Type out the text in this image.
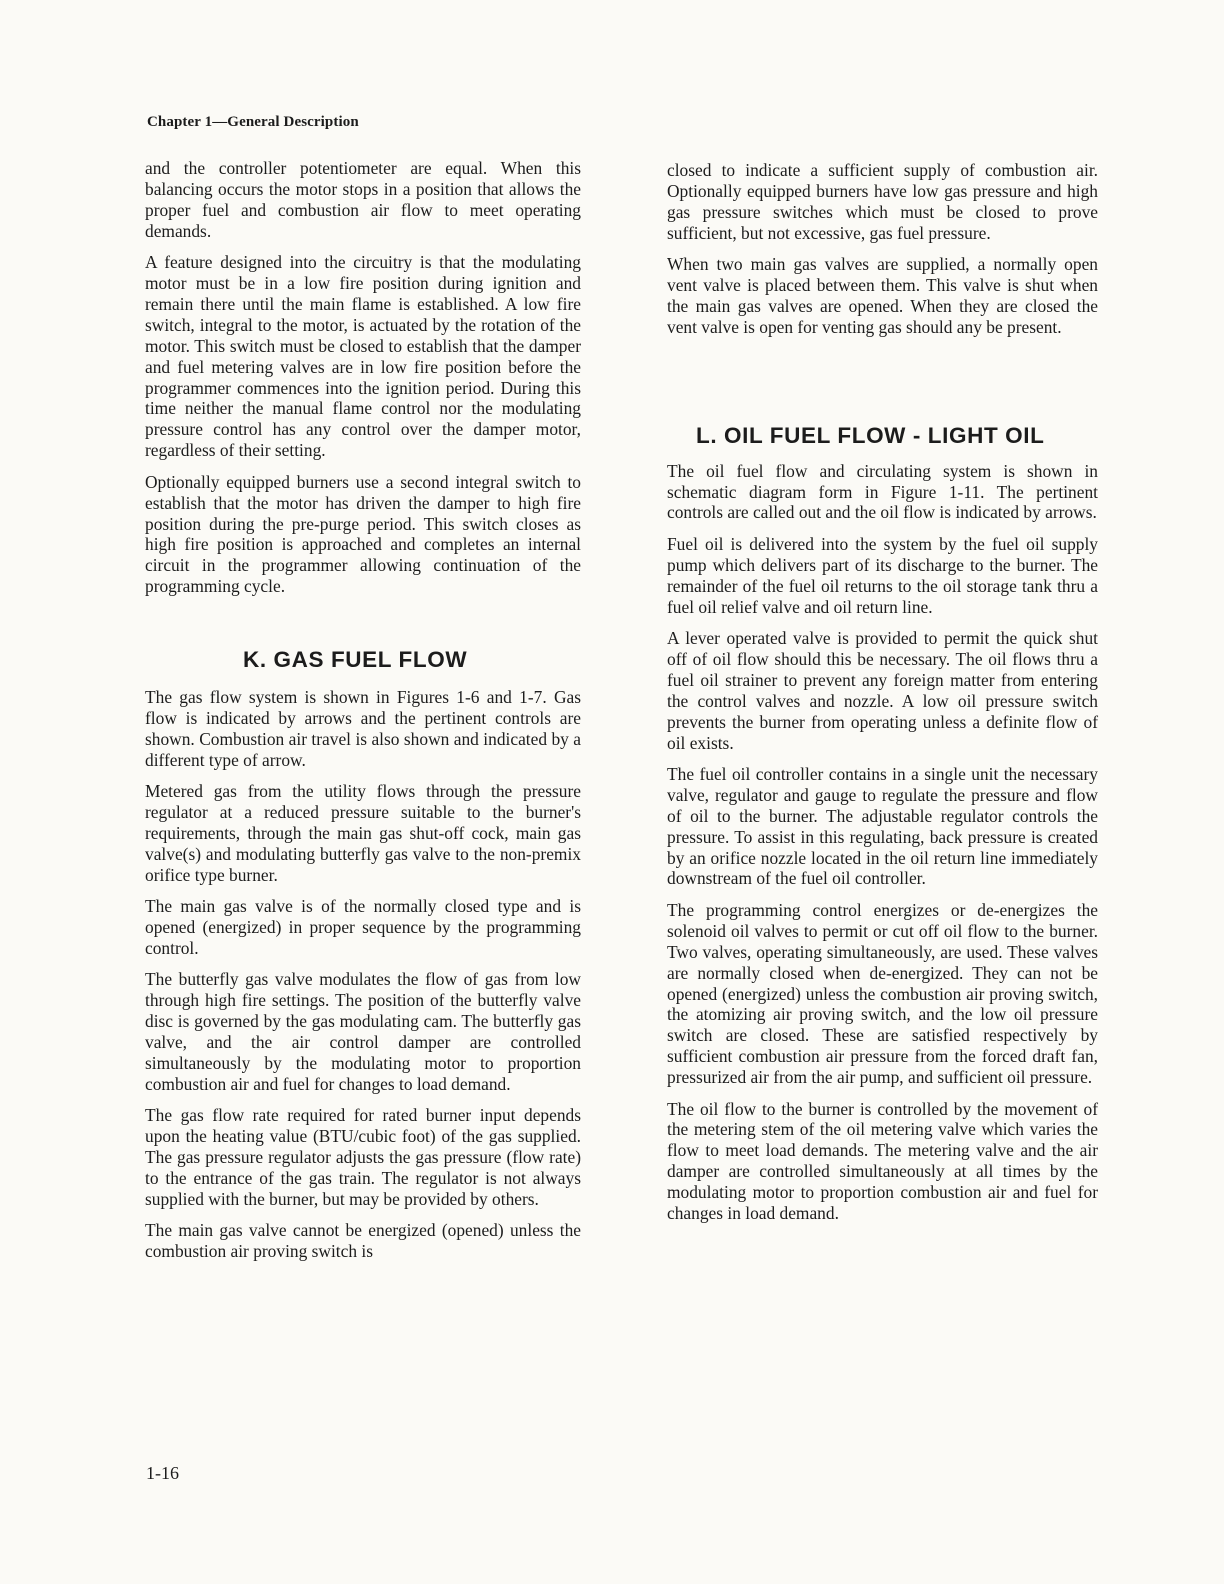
Chapter 1—General Description

and the controller potentiometer are equal. When this balancing occurs the motor stops in a position that allows the proper fuel and combustion air flow to meet operating demands.

A feature designed into the circuitry is that the modulating motor must be in a low fire position during ignition and remain there until the main flame is established. A low fire switch, integral to the motor, is actuated by the rotation of the motor. This switch must be closed to establish that the damper and fuel metering valves are in low fire position before the programmer commences into the ignition period. During this time neither the manual flame control nor the modulating pressure control has any control over the damper motor, regardless of their setting.

Optionally equipped burners use a second integral switch to establish that the motor has driven the damper to high fire position during the pre-purge period. This switch closes as high fire position is approached and completes an internal circuit in the programmer allowing continuation of the programming cycle.

K. GAS FUEL FLOW

The gas flow system is shown in Figures 1-6 and 1-7. Gas flow is indicated by arrows and the pertinent controls are shown. Combustion air travel is also shown and indicated by a different type of arrow.

Metered gas from the utility flows through the pressure regulator at a reduced pressure suitable to the burner's requirements, through the main gas shut-off cock, main gas valve(s) and modulating butterfly gas valve to the non-premix orifice type burner.

The main gas valve is of the normally closed type and is opened (energized) in proper sequence by the programming control.

The butterfly gas valve modulates the flow of gas from low through high fire settings. The position of the butterfly valve disc is governed by the gas modulating cam. The butterfly gas valve, and the air control damper are controlled simultaneously by the modulating motor to proportion combustion air and fuel for changes to load demand.

The gas flow rate required for rated burner input depends upon the heating value (BTU/cubic foot) of the gas supplied. The gas pressure regulator adjusts the gas pressure (flow rate) to the entrance of the gas train. The regulator is not always supplied with the burner, but may be provided by others.

The main gas valve cannot be energized (opened) unless the combustion air proving switch is

closed to indicate a sufficient supply of combustion air. Optionally equipped burners have low gas pressure and high gas pressure switches which must be closed to prove sufficient, but not excessive, gas fuel pressure.

When two main gas valves are supplied, a normally open vent valve is placed between them. This valve is shut when the main gas valves are opened. When they are closed the vent valve is open for venting gas should any be present.

L. OIL FUEL FLOW - LIGHT OIL

The oil fuel flow and circulating system is shown in schematic diagram form in Figure 1-11. The pertinent controls are called out and the oil flow is indicated by arrows.

Fuel oil is delivered into the system by the fuel oil supply pump which delivers part of its discharge to the burner. The remainder of the fuel oil returns to the oil storage tank thru a fuel oil relief valve and oil return line.

A lever operated valve is provided to permit the quick shut off of oil flow should this be necessary. The oil flows thru a fuel oil strainer to prevent any foreign matter from entering the control valves and nozzle. A low oil pressure switch prevents the burner from operating unless a definite flow of oil exists.

The fuel oil controller contains in a single unit the necessary valve, regulator and gauge to regulate the pressure and flow of oil to the burner. The adjustable regulator controls the pressure. To assist in this regulating, back pressure is created by an orifice nozzle located in the oil return line immediately downstream of the fuel oil controller.

The programming control energizes or de-energizes the solenoid oil valves to permit or cut off oil flow to the burner. Two valves, operating simultaneously, are used. These valves are normally closed when de-energized. They can not be opened (energized) unless the combustion air proving switch, the atomizing air proving switch, and the low oil pressure switch are closed. These are satisfied respectively by sufficient combustion air pressure from the forced draft fan, pressurized air from the air pump, and sufficient oil pressure.

The oil flow to the burner is controlled by the movement of the metering stem of the oil metering valve which varies the flow to meet load demands. The metering valve and the air damper are controlled simultaneously at all times by the modulating motor to proportion combustion air and fuel for changes in load demand.

1-16
